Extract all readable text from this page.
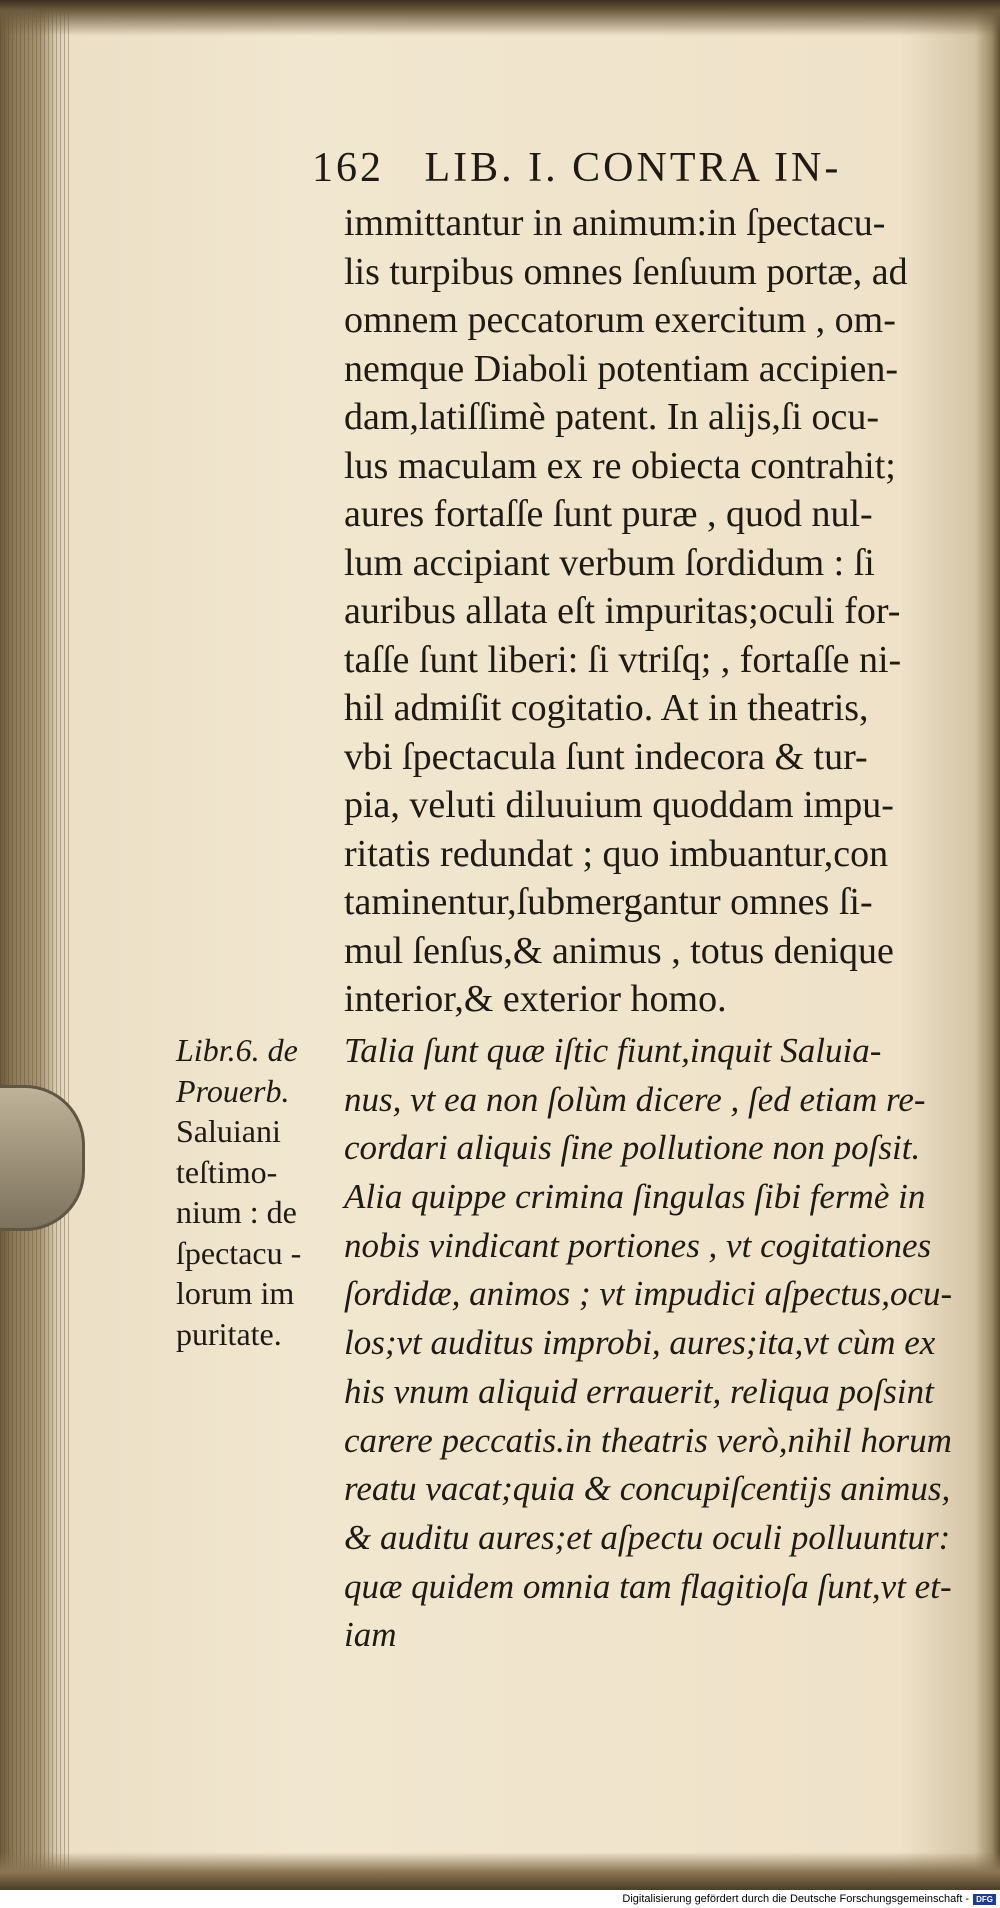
162 LIB. I. CONTRA IN-
immittantur in animum:in ſpectacu-
lis turpibus omnes ſenſuum portæ, ad
omnem peccatorum exercitum , om-
nemque Diaboli potentiam accipien-
dam,latiſſimè patent. In alijs,ſi ocu-
lus maculam ex re obiecta contrahit;
aures fortaſſe ſunt puræ , quod nul-
lum accipiant verbum ſordidum : ſi
auribus allata eſt impuritas;oculi for-
taſſe ſunt liberi: ſi vtriſq; , fortaſſe ni-
hil admiſit cogitatio. At in theatris,
vbi ſpectacula ſunt indecora & tur-
pia, veluti diluuium quoddam impu-
ritatis redundat ; quo imbuantur,con
taminentur,ſubmergantur omnes ſi-
mul ſenſus,& animus , totus denique
interior,& exterior homo.
Libr.6. de
Prouerb.
Saluiani
teſtimo-
nium : de
ſpectacu -
lorum im
puritate.
Talia ſunt quæ iſtic fiunt,inquit Saluia-
nus, vt ea non ſolùm dicere , ſed etiam re-
cordari aliquis ſine pollutione non poſsit.
Alia quippe crimina ſingulas ſibi fermè in
nobis vindicant portiones , vt cogitationes
ſordidæ, animos ; vt impudici aſpectus,ocu-
los;vt auditus improbi, aures;ita,vt cùm ex
his vnum aliquid errauerit, reliqua poſsint
carere peccatis.in theatris verò,nihil horum
reatu vacat;quia & concupiſcentijs animus,
& auditu aures;et aſpectu oculi polluuntur:
quæ quidem omnia tam flagitioſa ſunt,vt et-
iam
Digitalisierung gefördert durch die Deutsche Forschungsgemeinschaft - DFG
